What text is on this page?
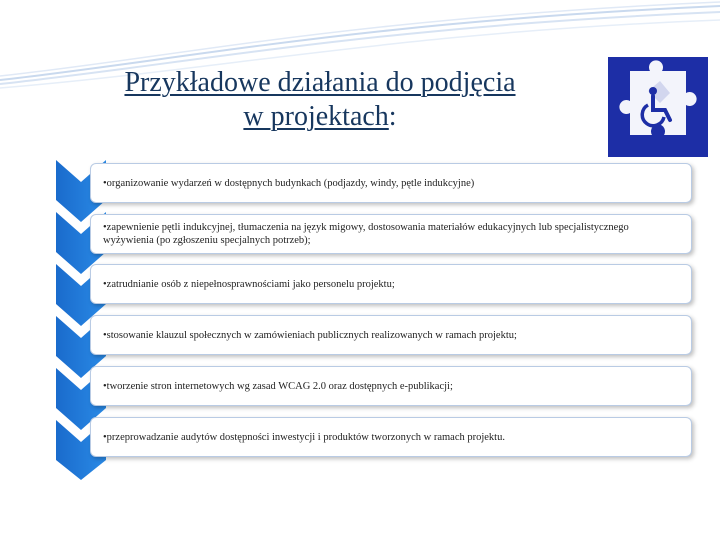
Przykładowe działania do podjęcia
w projektach:
•organizowanie wydarzeń w dostępnych budynkach (podjazdy, windy, pętle indukcyjne)
•zapewnienie pętli indukcyjnej, tłumaczenia na język migowy, dostosowania materiałów edukacyjnych lub specjalistycznego wyżywienia (po zgłoszeniu specjalnych potrzeb);
•zatrudnianie osób z niepełnosprawnościami jako personelu projektu;
•stosowanie klauzul społecznych w zamówieniach publicznych realizowanych w ramach projektu;
•tworzenie stron internetowych wg zasad WCAG 2.0 oraz dostępnych e-publikacji;
•przeprowadzanie audytów dostępności inwestycji i produktów tworzonych w ramach projektu.
